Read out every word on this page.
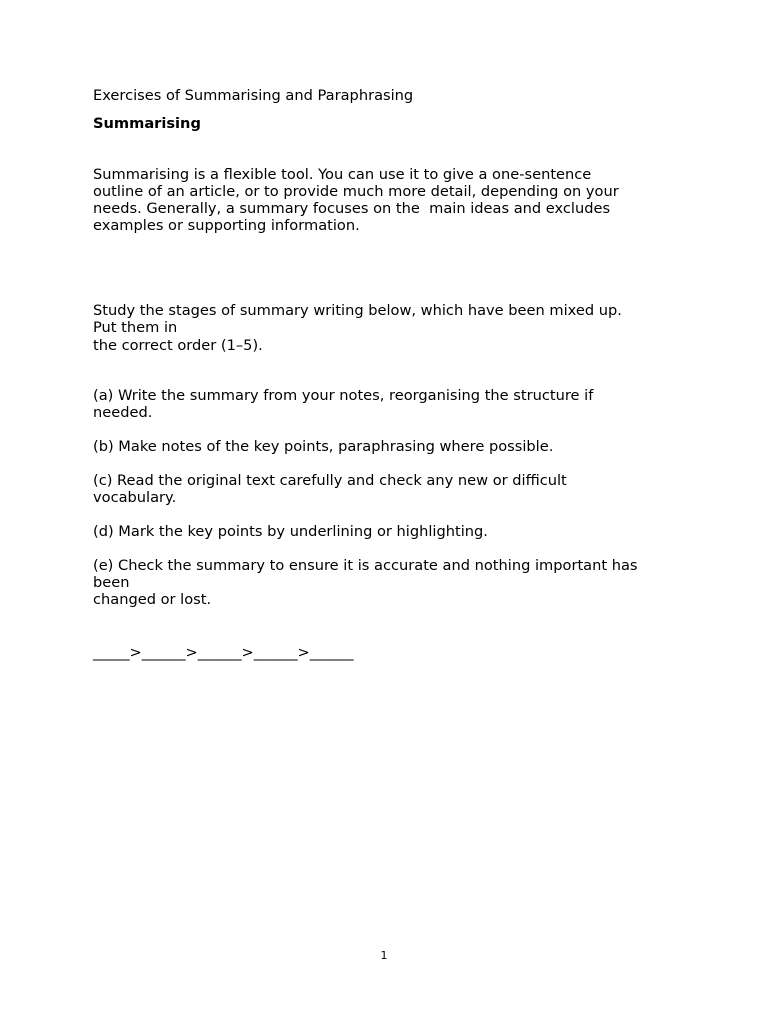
Exercises of Summarising and Paraphrasing

Summarising

Summarising is a flexible tool. You can use it to give a one-sentence

outline of an article, or to provide much more detail, depending on your

needs. Generally, a summary focuses on the  main ideas and excludes

examples or supporting information.

Study the stages of summary writing below, which have been mixed up.

Put them in

the correct order (1–5).

(a) Write the summary from your notes, reorganising the structure if

needed.

(b) Make notes of the key points, paraphrasing where possible.

(c) Read the original text carefully and check any new or difficult

vocabulary.

(d) Mark the key points by underlining or highlighting.

(e) Check the summary to ensure it is accurate and nothing important has

been

changed or lost.

_____>______>______>______>______

1
